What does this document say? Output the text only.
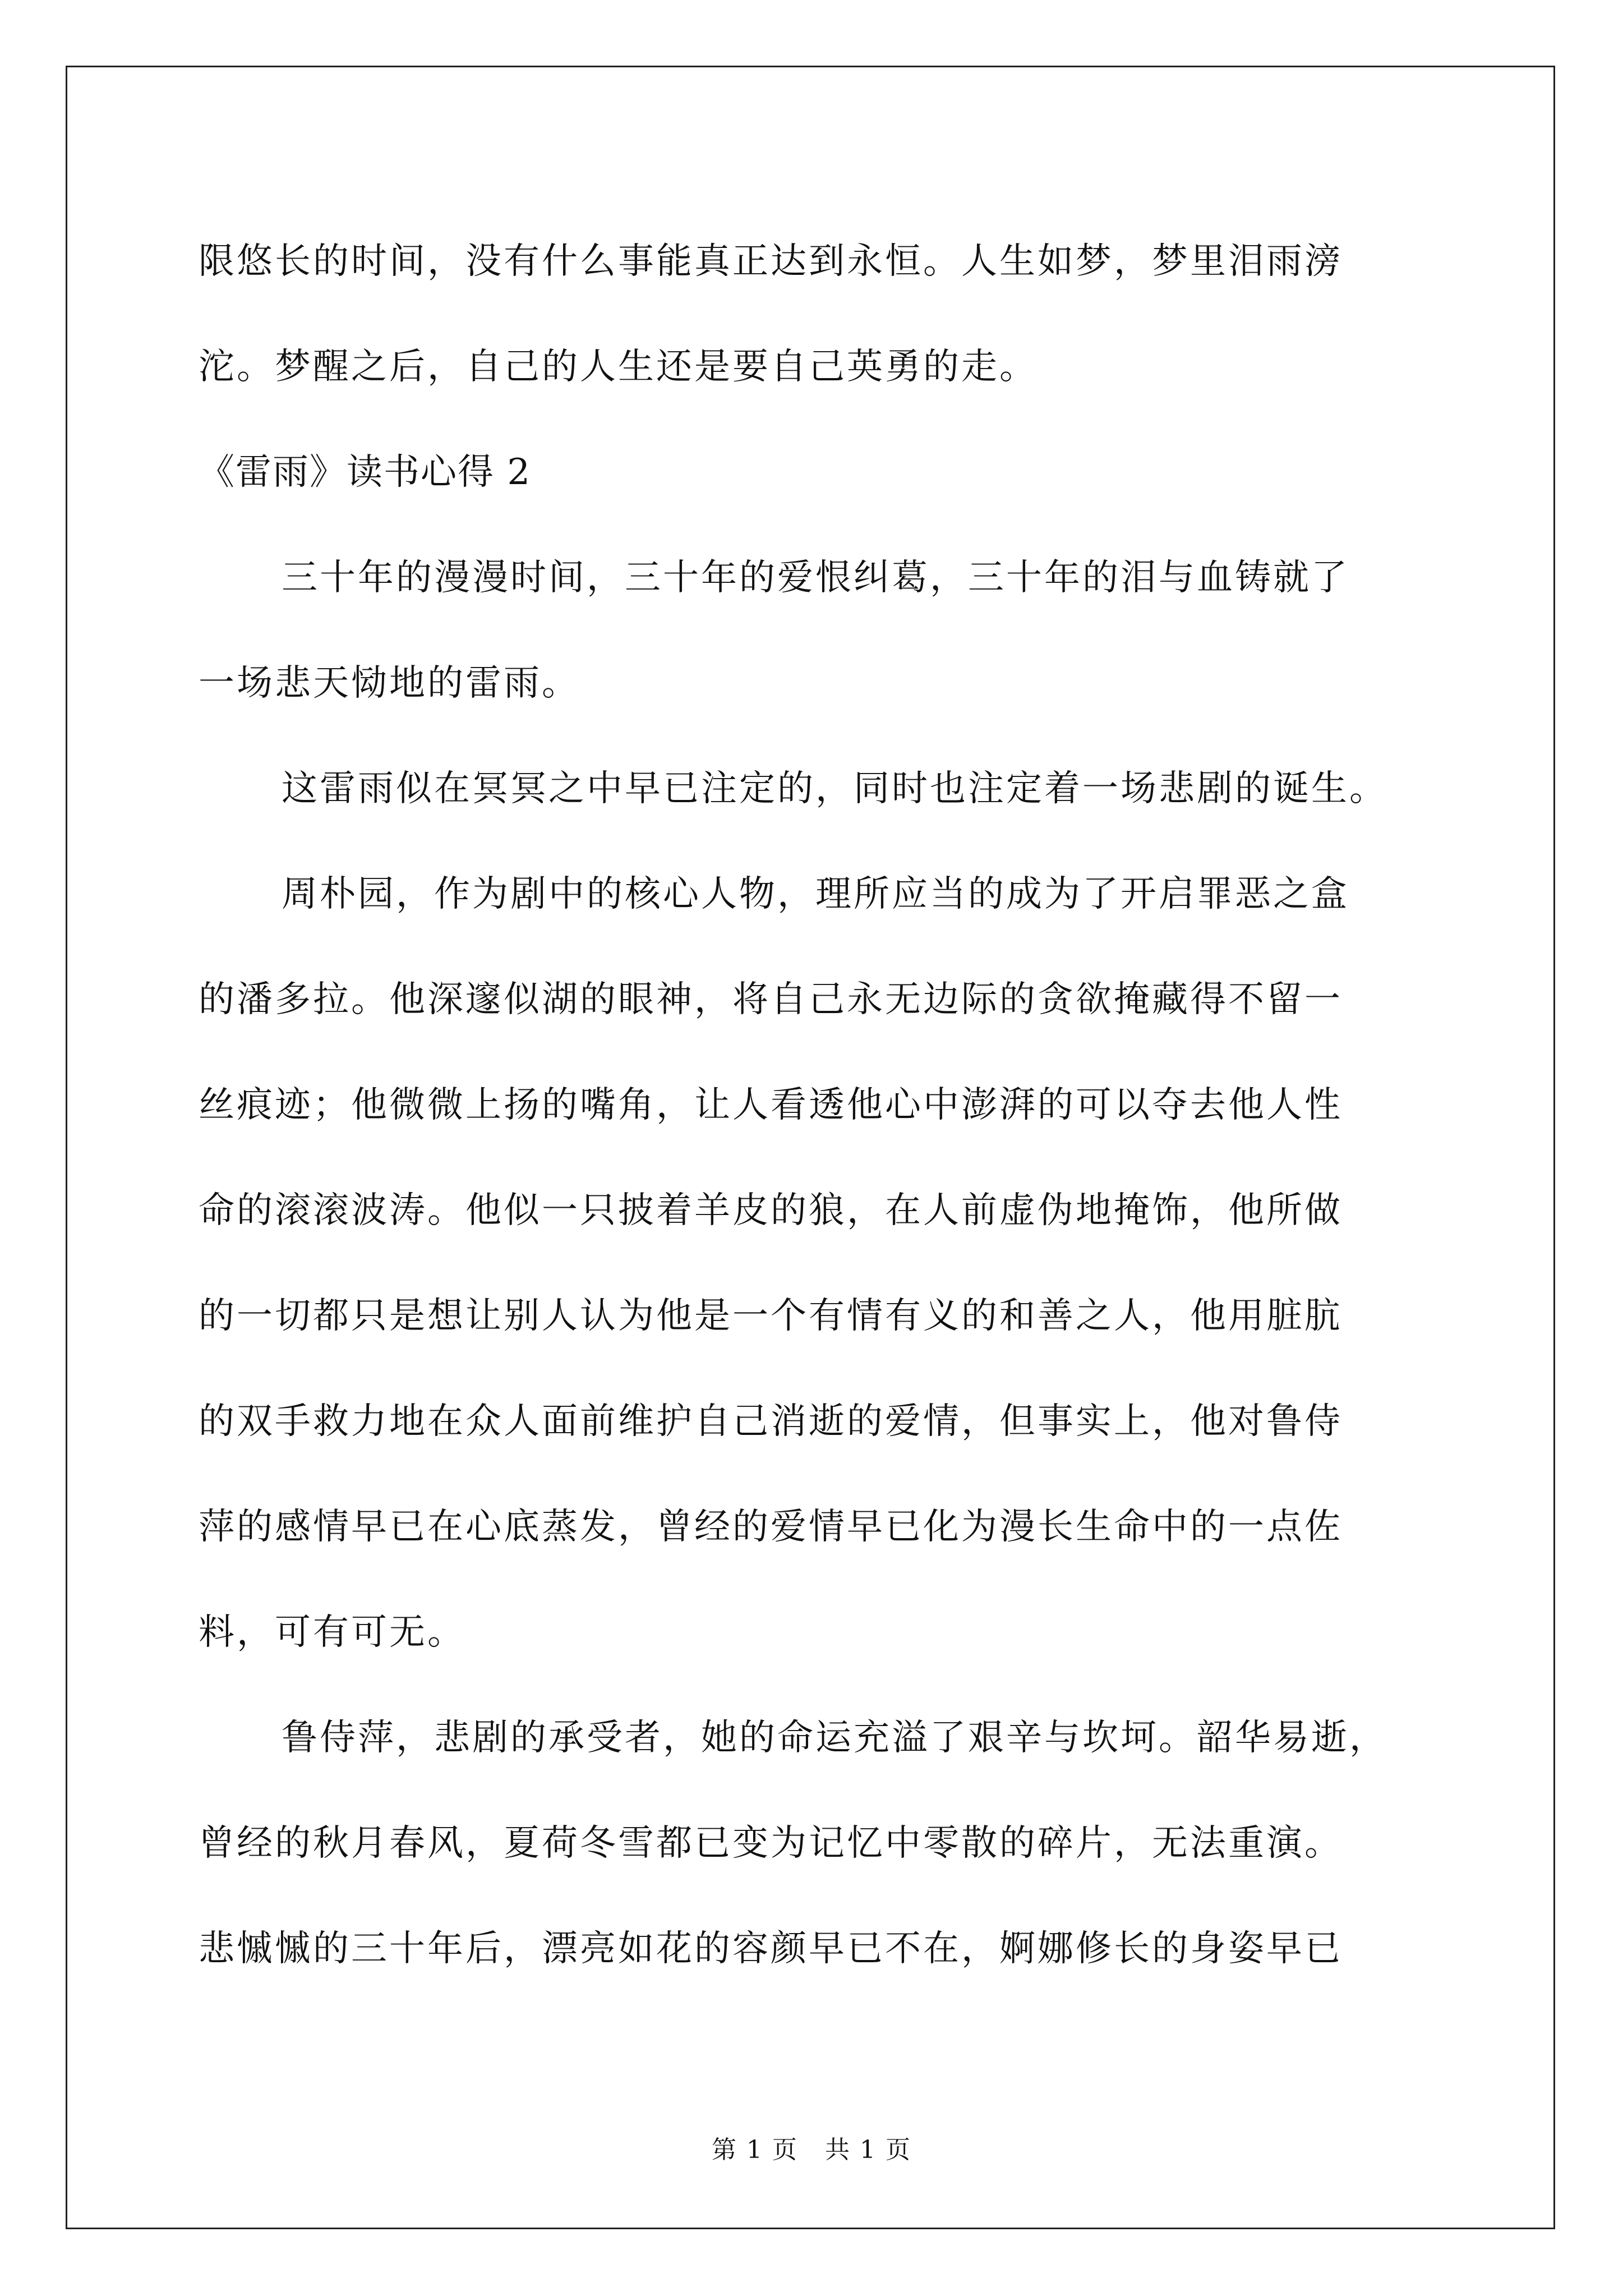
限悠长的时间，没有什么事能真正达到永恒。人生如梦，梦里泪雨滂
沱。梦醒之后，自己的人生还是要自己英勇的走。
《雷雨》读书心得 2
三十年的漫漫时间，三十年的爱恨纠葛，三十年的泪与血铸就了
一场悲天恸地的雷雨。
这雷雨似在冥冥之中早已注定的，同时也注定着一场悲剧的诞生。
周朴园，作为剧中的核心人物，理所应当的成为了开启罪恶之盒
的潘多拉。他深邃似湖的眼神，将自己永无边际的贪欲掩藏得不留一
丝痕迹；他微微上扬的嘴角，让人看透他心中澎湃的可以夺去他人性
命的滚滚波涛。他似一只披着羊皮的狼，在人前虚伪地掩饰，他所做
的一切都只是想让别人认为他是一个有情有义的和善之人，他用脏肮
的双手救力地在众人面前维护自己消逝的爱情，但事实上，他对鲁侍
萍的感情早已在心底蒸发，曾经的爱情早已化为漫长生命中的一点佐
料，可有可无。
鲁侍萍，悲剧的承受者，她的命运充溢了艰辛与坎坷。韶华易逝，
曾经的秋月春风，夏荷冬雪都已变为记忆中零散的碎片，无法重演。
悲慽慽的三十年后，漂亮如花的容颜早已不在，婀娜修长的身姿早已
第 1 页 共 1 页
